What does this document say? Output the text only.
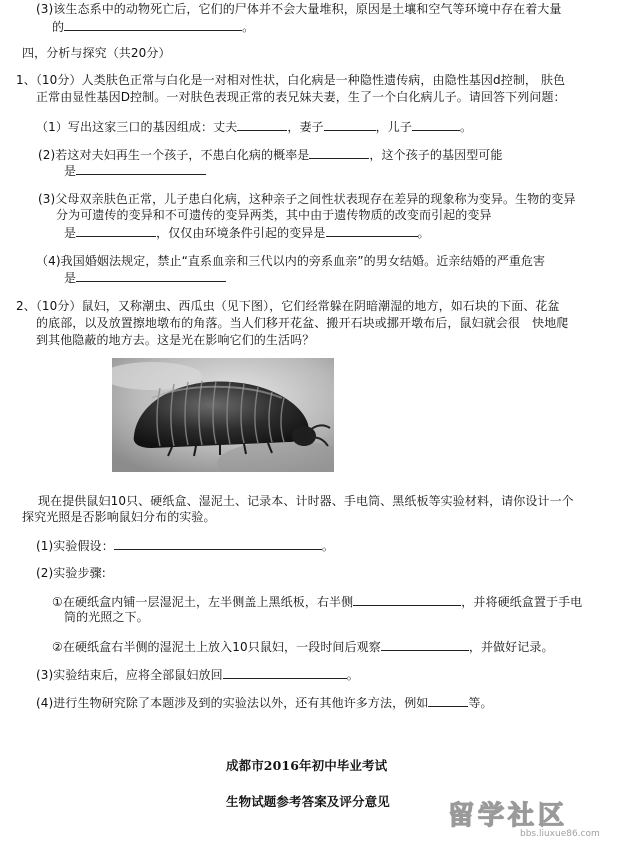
(3)该生态系中的动物死亡后，它们的尸体并不会大量堆积，原因是土壤和空气等环境中存在着大量
的	。
四，分析与探究（共20分）
1、（10分）人类肤色正常与白化是一对相对性状，白化病是一种隐性遗传病，由隐性基因d控制， 肤色
正常由显性基因D控制。一对肤色表现正常的表兄妹夫妻，生了一个白化病儿子。请回答下列问题：
（1）写出这家三口的基因组成：丈夫	，妻子	，儿子	。
(2)若这对夫妇再生一个孩子，不患白化病的概率是	，这个孩子的基因型可能
是
(3)父母双亲肤色正常，儿子患白化病，这种亲子之间性状表现存在差异的现象称为变异。生物的变异
分为可遗传的变异和不可遗传的变异两类，其中由于遗传物质的改变而引起的变异
是	，仅仅由环境条件引起的变异是	。
（4)我国婚姻法规定，禁止“直系血亲和三代以内的旁系血亲”的男女结婚。近亲结婚的严重危害
是
2、（10分）鼠妇，又称潮虫、西瓜虫（见下图），它们经常躲在阴暗潮湿的地方，如石块的下面、花盆
的底部，以及放置擦地墩布的角落。当人们移开花盆、搬开石块或挪开墩布后，鼠妇就会很　快地爬
到其他隐蔽的地方去。这是光在影响它们的生活吗？
现在提供鼠妇10只、硬纸盒、湿泥土、记录本、计时器、手电筒、黑纸板等实验材料，请你设计一个
探究光照是否影响鼠妇分布的实验。
(1)实验假设：	。
(2)实验步骤:
①在硬纸盒内铺一层湿泥土，左半侧盖上黑纸板，右半侧	，并将硬纸盒置于手电
筒的光照之下。
②在硬纸盒右半侧的湿泥土上放入10只鼠妇，一段时间后观察	，并做好记录。
(3)实验结束后，应将全部鼠妇放回	。
(4)进行生物研究除了本题涉及到的实验法以外，还有其他许多方法，例如	等。
成都市2016年初中毕业考试
生物试题参考答案及评分意见 留学社区
bbs.liuxue86.com
